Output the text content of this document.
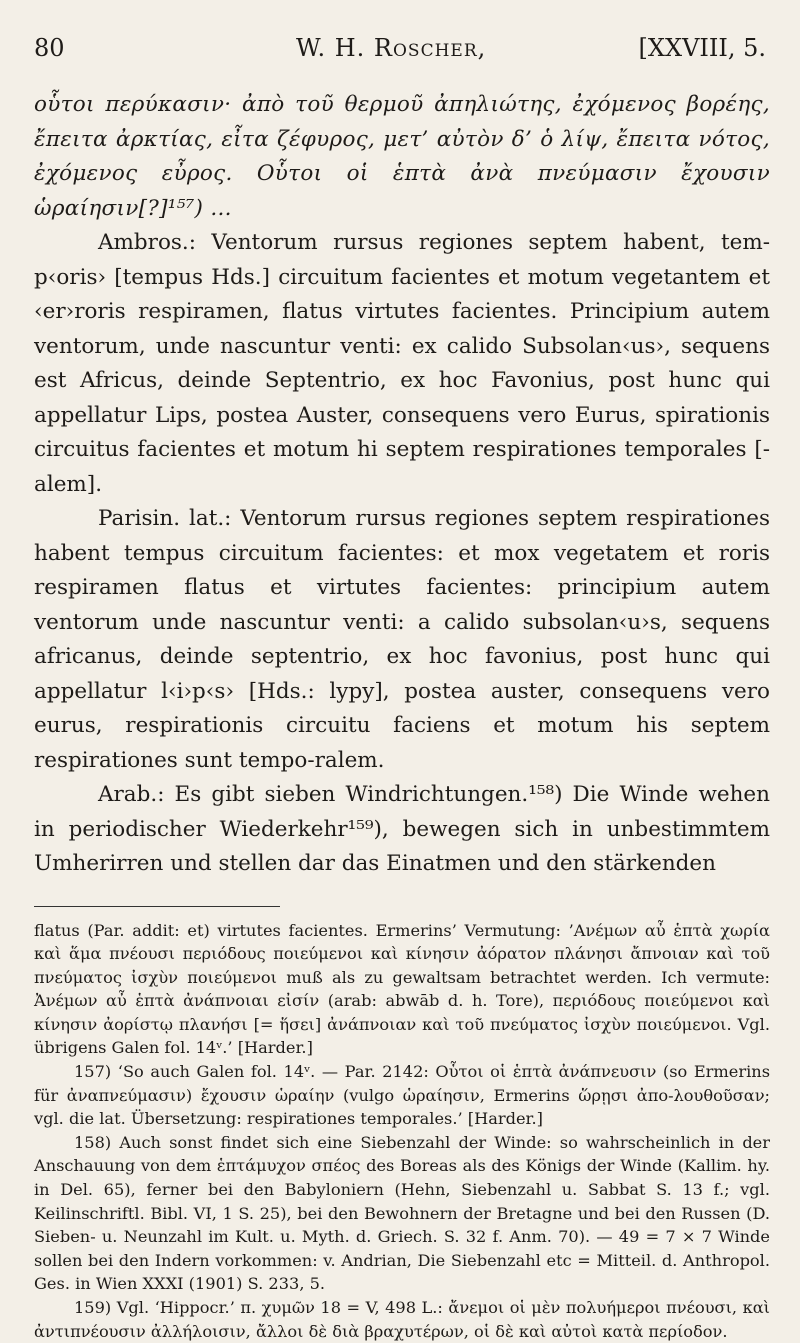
80	W. H. Roscher,	[XXVIII, 5.

οὗτοι περύκασιν· ἀπὸ τοῦ θερμοῦ ἀπηλιώτης, ἐχόμενος βορέης, ἔπειτα ἀρκτίας, εἶτα ζέφυρος, μετ’ αὐτὸν δ’ ὁ λίψ, ἔπειτα νότος, ἐχόμενος εὖρος. Οὗτοι οἱ ἑπτὰ ἀνὰ πνεύμασιν ἔχουσιν ὡραίησιν[?]¹⁵⁷) ...

Ambros.: Ventorum rursus regiones septem habent, tem-p‹oris› [tempus Hds.] circuitum facientes et motum vegetantem et ‹er›roris respiramen, flatus virtutes facientes. Principium autem ventorum, unde nascuntur venti: ex calido Subsolan‹us›, sequens est Africus, deinde Septentrio, ex hoc Favonius, post hunc qui appellatur Lips, postea Auster, consequens vero Eurus, spirationis circuitus facientes et motum hi septem respirationes temporales [-alem].

Parisin. lat.: Ventorum rursus regiones septem respirationes habent tempus circuitum facientes: et mox vegetatem et roris respiramen flatus et virtutes facientes: principium autem ventorum unde nascuntur venti: a calido subsolan‹u›s, sequens africanus, deinde septentrio, ex hoc favonius, post hunc qui appellatur l‹i›p‹s› [Hds.: lypy], postea auster, consequens vero eurus, respirationis circuitu faciens et motum his septem respirationes sunt tempo-ralem.

Arab.: Es gibt sieben Windrichtungen.¹⁵⁸) Die Winde wehen in periodischer Wiederkehr¹⁵⁹), bewegen sich in unbestimmtem Umherirren und stellen dar das Einatmen und den stärkenden

flatus (Par. addit: et) virtutes facientes. Ermerins’ Vermutung: ’Ανέμων αὖ ἑπτὰ χωρία καὶ ἅμα πνέουσι περιόδους ποιεύμενοι καὶ κίνησιν ἀόρατον πλάνησι ἄπνοιαν καὶ τοῦ πνεύματος ἰσχὺν ποιεύμενοι muß als zu gewaltsam betrachtet werden. Ich vermute: Ἀνέμων αὖ ἑπτὰ ἀνάπνοιαι εἰσίν (arab: abwāb d. h. Tore), περιόδους ποιεύμενοι καὶ κίνησιν ἀορίστῳ πλανήσι [= ἥσει] ἀνάπνοιαν καὶ τοῦ πνεύματος ἰσχὺν ποιεύμενοι. Vgl. übrigens Galen fol. 14ᵛ.’ [Harder.]

157) ‘So auch Galen fol. 14ᵛ. — Par. 2142: Οὗτοι οἱ ἑπτὰ ἀνάπνευσιν (so Ermerins für ἀναπνεύμασιν) ἔχουσιν ὡραίην (vulgo ὡραίησιν, Ermerins ὥρῃσι ἀπο-λουθοῦσαν; vgl. die lat. Übersetzung: respirationes temporales.’ [Harder.]

158) Auch sonst findet sich eine Siebenzahl der Winde: so wahrscheinlich in der Anschauung von dem ἑπτάμυχον σπέος des Boreas als des Königs der Winde (Kallim. hy. in Del. 65), ferner bei den Babyloniern (Hehn, Siebenzahl u. Sabbat S. 13 f.; vgl. Keilinschriftl. Bibl. VI, 1 S. 25), bei den Bewohnern der Bretagne und bei den Russen (D. Sieben- u. Neunzahl im Kult. u. Myth. d. Griech. S. 32 f. Anm. 70). — 49 = 7 × 7 Winde sollen bei den Indern vorkommen: v. Andrian, Die Siebenzahl etc = Mitteil. d. Anthropol. Ges. in Wien XXXI (1901) S. 233, 5.

159) Vgl. ‘Hippocr.’ π. χυμῶν 18 = V, 498 L.: ἄνεμοι οἱ μὲν πολυήμεροι πνέουσι, καὶ ἀντιπνέουσιν ἀλλήλοισιν, ἄλλοι δὲ διὰ βραχυτέρων, οἱ δὲ καὶ αὐτοὶ κατὰ περίοδον.
